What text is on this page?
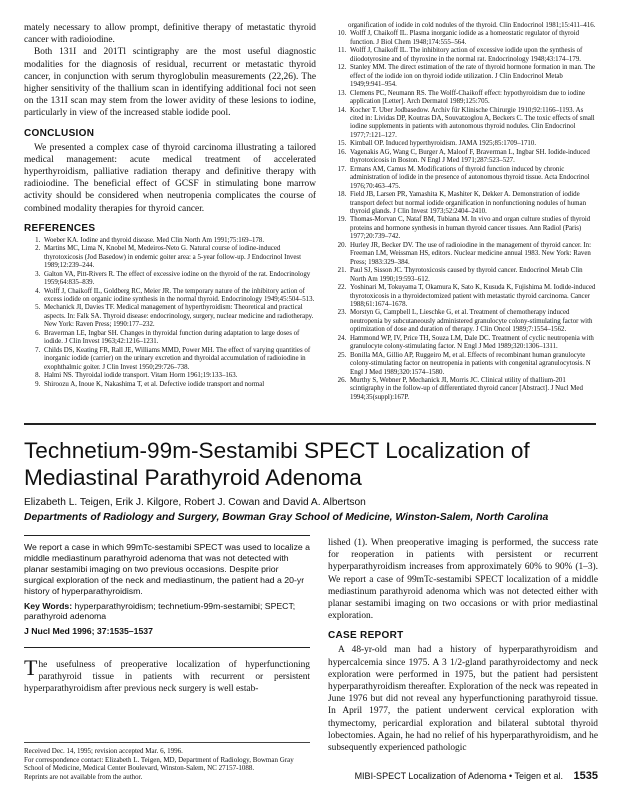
mately necessary to allow prompt, definitive therapy of metastatic thyroid cancer with radioiodine.

Both 131I and 201Tl scintigraphy are the most useful diagnostic modalities for the diagnosis of residual, recurrent or metastatic thyroid cancer, in conjunction with serum thyroglobulin measurements (22,26). The higher sensitivity of the thallium scan in identifying additional foci not seen on the 131I scan may stem from the lower avidity of these lesions to iodine, particularly in view of the increased stable iodide pool.

CONCLUSION

We presented a complex case of thyroid carcinoma illustrating a tailored medical management: acute medical treatment of accelerated hyperthyroidism, palliative radiation therapy and definitive therapy with radioiodine. The beneficial effect of GCSF in stimulating bone marrow activity should be considered when neutropenia complicates the course of combined modality therapies for thyroid cancer.

REFERENCES
1. Woeber KA. Iodine and thyroid disease. Med Clin North Am 1991;75:169–178.
2. Martins MC, Lima N, Knobel M, Medeiros-Neto G. Natural course of iodine-induced thyrotoxicosis (Jod Basedow) in endemic goiter area: a 5-year follow-up. J Endocrinol Invest 1989;12:239–244.
3. Galton VA, Pitt-Rivers R. The effect of excessive iodine on the thyroid of the rat. Endocrinology 1959;64:835–839.
4. Wolff J, Chaikoff IL, Goldberg RC, Meier JR. The temporary nature of the inhibitory action of excess iodide on organic iodine synthesis in the normal thyroid. Endocrinology 1949;45:504–513.
5. Mechanick JI, Davies TF. Medical management of hyperthyroidism: Theoretical and practical aspects. In: Falk SA. Thyroid disease: endocrinology, surgery, nuclear medicine and radiotherapy. New York: Raven Press; 1990:177–232.
6. Braverman LE, Ingbar SH. Changes in thyroidal function during adaptation to large doses of iodide. J Clin Invest 1963;42:1216–1231.
7. Childs DS, Keating FR, Rall JE, Williams MMD, Power MH. The effect of varying quantities of inorganic iodide (carrier) on the urinary excretion and thyroidal accumulation of radioiodine in exophthalmic goiter. J Clin Invest 1950;29:726–738.
8. Halmi NS. Thyroidal iodide transport. Vitam Horm 1961;19:133–163.
9. Shiroozu A, Inoue K, Nakashima T, et al. Defective iodide transport and normal

organification of iodide in cold nodules of the thyroid. Clin Endocrinol 1981;15:411–416.

10. Wolff J, Chaikoff IL. Plasma inorganic iodide as a homeostatic regulator of thyroid function. J Biol Chem 1948;174:555–564.
11. Wolff J, Chaikoff IL. The inhibitory action of excessive iodide upon the synthesis of diiodotyrosine and of thyroxine in the normal rat. Endocrinology 1948;43:174–179.
12. Stanley MM. The direct estimation of the rate of thyroid hormone formation in man. The effect of the iodide ion on thyroid iodide utilization. J Clin Endocrinol Metab 1949;9:941–954.
13. Clemens PC, Neumann RS. The Wolff-Chaikoff effect: hypothyroidism due to iodine application [Letter]. Arch Dermatol 1989;125:705.
14. Kocher T. Uber Jodbasedow. Archiv für Klinische Chirurgie 1910;92:1166–1193. As cited in: Lividas DP, Koutras DA, Souvatzoglou A, Beckers C. The toxic effects of small iodine supplements in patients with autonomous thyroid nodules. Clin Endocrinol 1977;7:121–127.
15. Kimball OP. Induced hyperthyroidism. JAMA 1925;85:1709–1710.
16. Vagenakis AG, Wang C, Burger A, Maloof F, Braverman L, Ingbar SH. Iodide-induced thyrotoxicosis in Boston. N Engl J Med 1971;287:523–527.
17. Ermans AM, Camus M. Modifications of thyroid function induced by chronic administration of iodide in the presence of autonomous thyroid tissue. Acta Endocrinol 1976;70:463–475.
18. Field JB, Larsen PR, Yamashita K, Mashiter K, Dekker A. Demonstration of iodide transport defect but normal iodide organification in nonfunctioning nodules of human thyroid glands. J Clin Invest 1973;52:2404–2410.
19. Thomas-Morvan C, Nataf BM, Tubiana M. In vivo and organ culture studies of thyroid proteins and hormone synthesis in human thyroid cancer tissues. Ann Radiol (Paris) 1977;20:739–742.
20. Hurley JR, Becker DV. The use of radioiodine in the management of thyroid cancer. In: Freeman LM, Weissman HS, editors. Nuclear medicine annual 1983. New York: Raven Press; 1983:329–384.
21. Paul SJ, Sisson JC. Thyrotoxicosis caused by thyroid cancer. Endocrinol Metab Clin North Am 1990;19:593–612.
22. Yoshinari M, Tokuyama T, Okamura K, Sato K, Kusuda K, Fujishima M. Iodide-induced thyrotoxicosis in a thyroidectomized patient with metastatic thyroid carcinoma. Cancer 1988;61:1674–1678.
23. Morstyn G, Campbell L, Lieschke G, et al. Treatment of chemotherapy induced neutropenia by subcutaneously administered granulocyte colony-stimulating factor with optimization of dose and duration of therapy. J Clin Oncol 1989;7:1554–1562.
24. Hammond WP, IV, Price TH, Souza LM, Dale DC. Treatment of cyclic neutropenia with granulocyte colony-stimulating factor. N Engl J Med 1989;320:1306–1311.
25. Bonilla MA, Gillio AP, Ruggeiro M, et al. Effects of recombinant human granulocyte colony-stimulating factor on neutropenia in patients with congenital agranulocytosis. N Engl J Med 1989;320:1574–1580.
26. Murthy S, Webner P, Mechanick JI, Morris JC. Clinical utility of thallium-201 scintigraphy in the follow-up of differentiated thyroid cancer [Abstract]. J Nucl Med 1994;35(suppl):167P.
Technetium-99m-Sestamibi SPECT Localization of Mediastinal Parathyroid Adenoma

Elizabeth L. Teigen, Erik J. Kilgore, Robert J. Cowan and David A. Albertson

Departments of Radiology and Surgery, Bowman Gray School of Medicine, Winston-Salem, North Carolina

We report a case in which 99mTc-sestamibi SPECT was used to localize a middle mediastinum parathyroid adenoma that was not detected with planar sestamibi imaging on two previous occasions. Despite prior surgical exploration of the neck and mediastinum, the patient had a 20-yr history of hyperparathyroidism.

Key Words: hyperparathyroidism; technetium-99m-sestamibi; SPECT; parathyroid adenoma

J Nucl Med 1996; 37:1535–1537

The usefulness of preoperative localization of hyperfunctioning parathyroid tissue in patients with recurrent or persistent hyperparathyroidism after previous neck surgery is well estab-

lished (1). When preoperative imaging is performed, the success rate for reoperation in patients with persistent or recurrent hyperparathyroidism increases from approximately 60% to 90% (1–3). We report a case of 99mTc-sestamibi SPECT localization of a middle mediastinum parathyroid adenoma which was not detected either with planar sestamibi imaging on two occasions or with prior mediastinal exploration.

CASE REPORT

A 48-yr-old man had a history of hyperparathyroidism and hypercalcemia since 1975. A 3 1/2-gland parathyroidectomy and neck exploration were performed in 1975, but the patient had persistent hyperparathyroidism thereafter. Exploration of the neck was repeated in June 1976 but did not reveal any hyperfunctioning parathyroid tissue. In April 1977, the patient underwent cervical exploration with thymectomy, pericardial exploration and bilateral subtotal thyroid lobectomies. Again, he had no relief of his hyperparathyroidism, and he subsequently experienced pathologic

Received Dec. 14, 1995; revision accepted Mar. 6, 1996.

For correspondence contact: Elizabeth L. Teigen, MD, Department of Radiology, Bowman Gray School of Medicine, Medical Center Boulevard, Winston-Salem, NC 27157-1088.

Reprints are not available from the author.	MIBI-SPECT Localization of Adenoma • Teigen et al. 1535
